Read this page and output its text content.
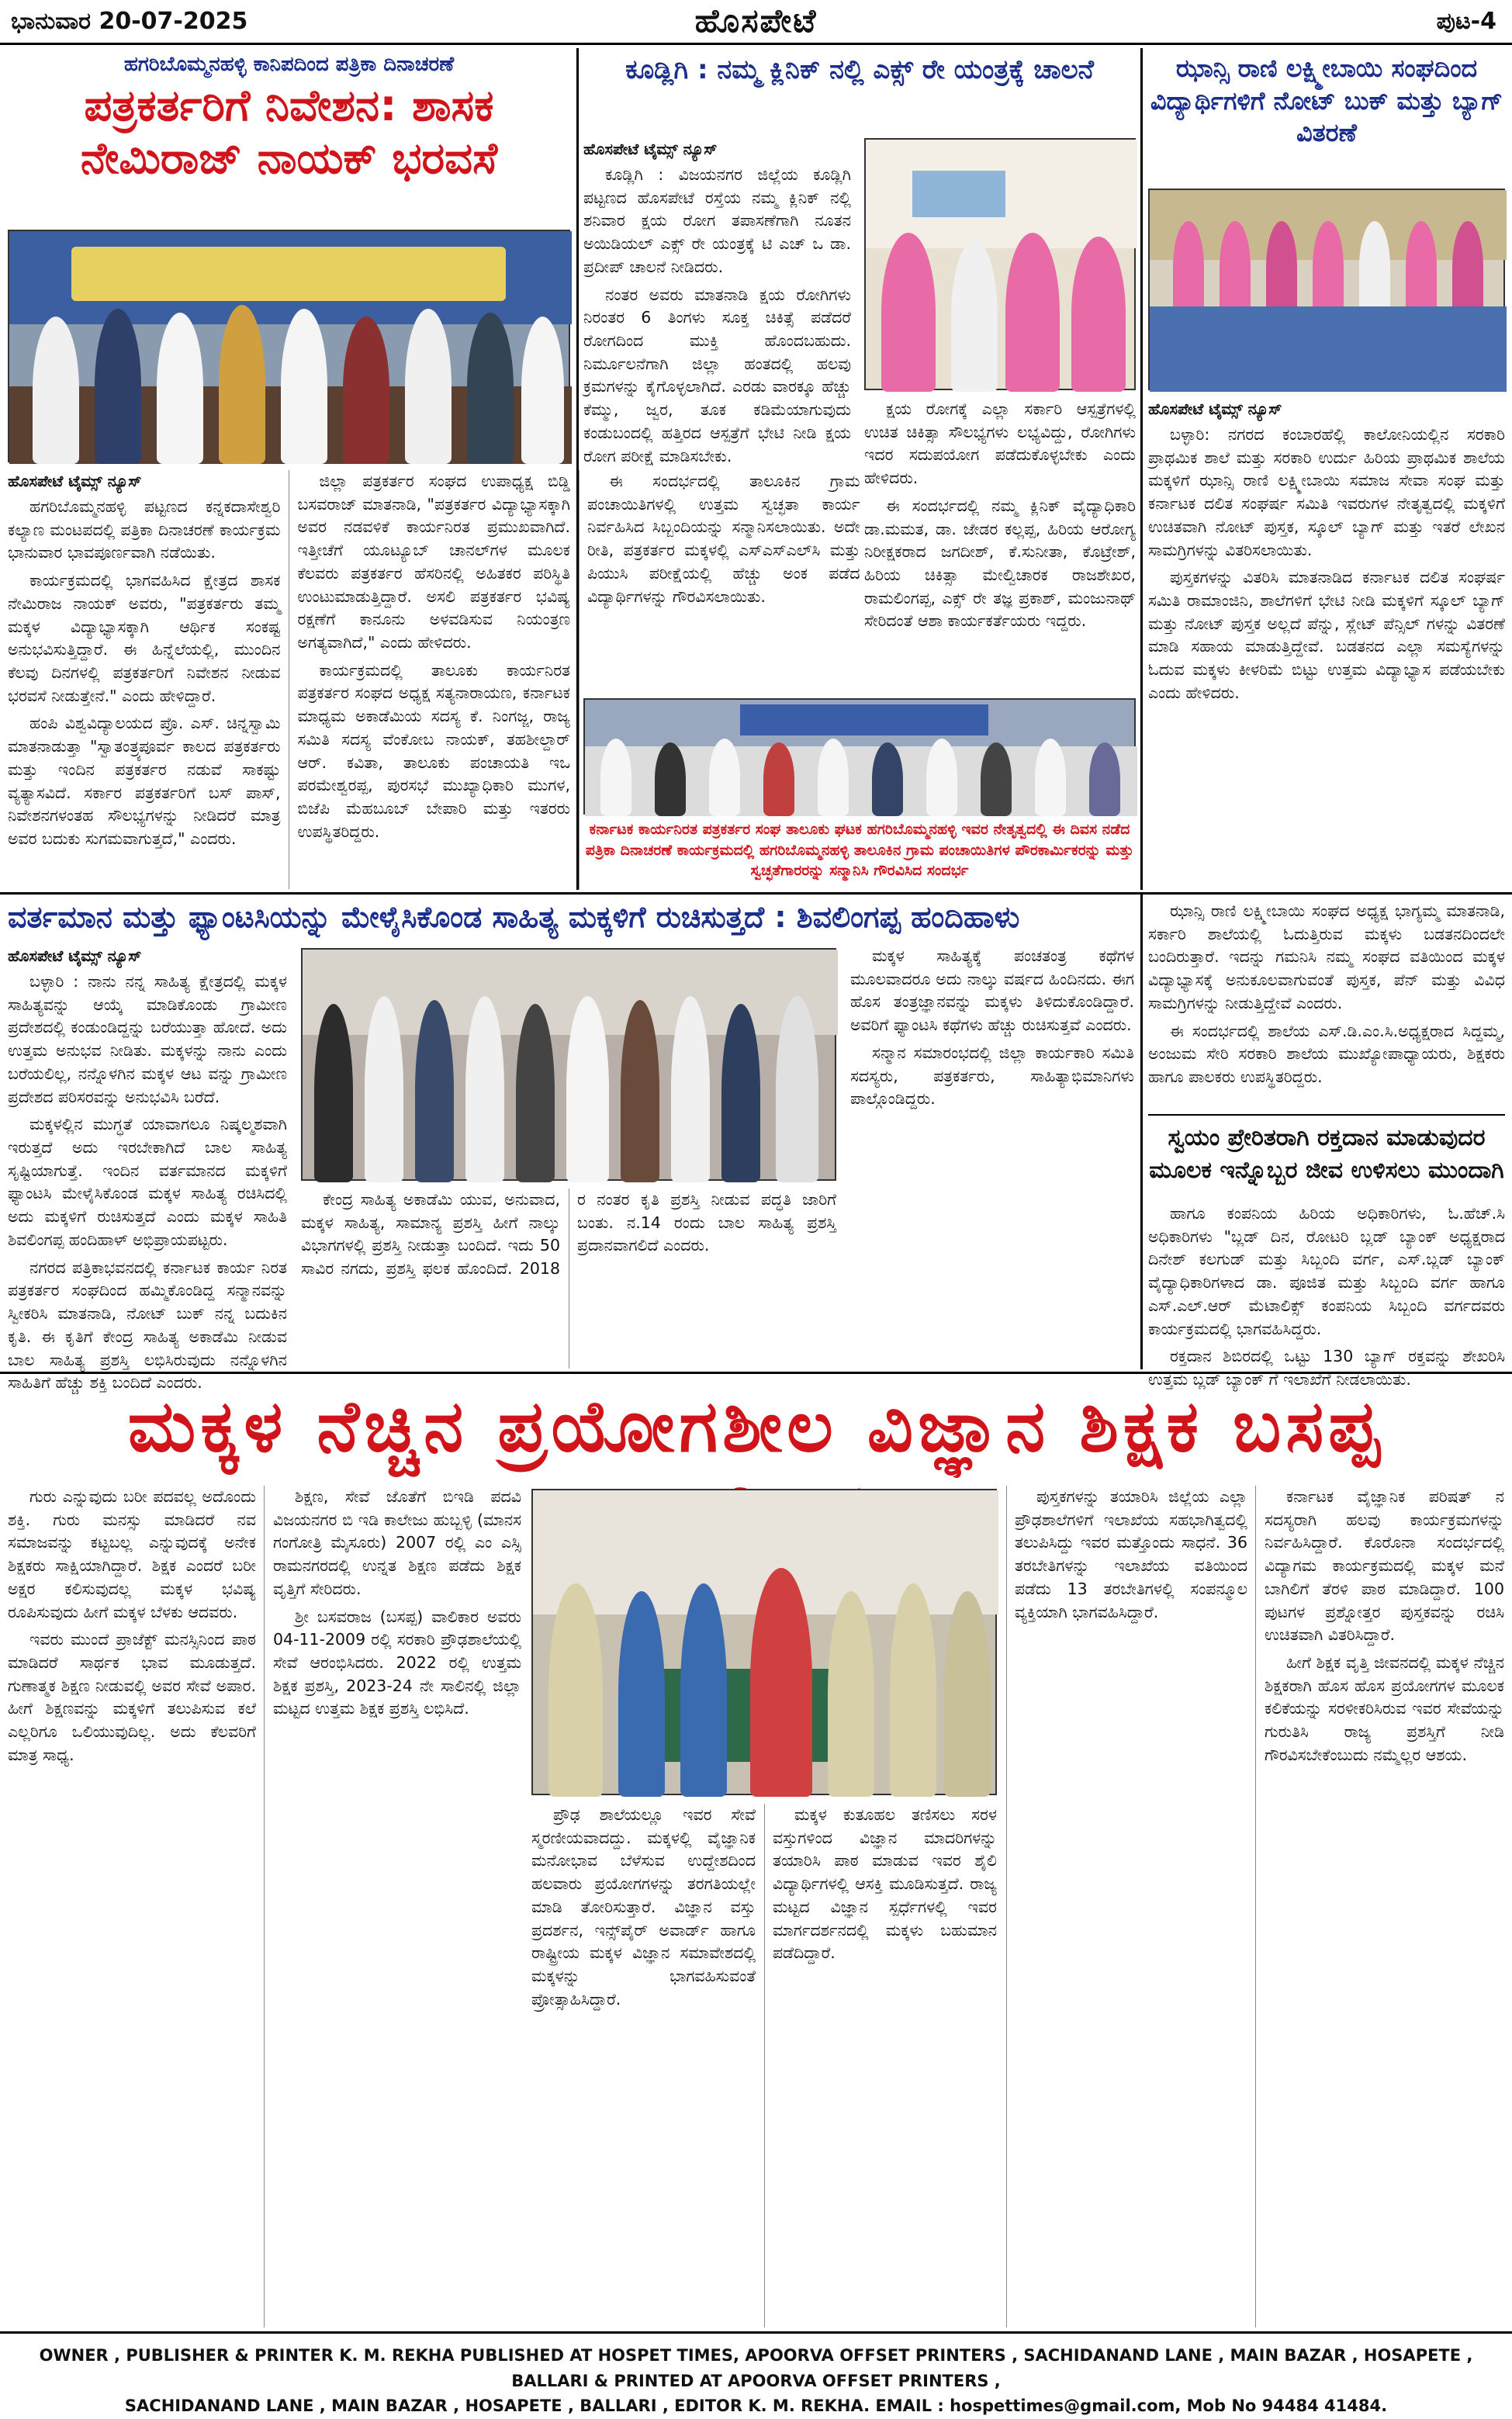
ಭಾನುವಾರ 20-07-2025	ಹೊಸಪೇಟೆ	ಪುಟ-4
ಹಗರಿಬೊಮ್ಮನಹಳ್ಳಿ ಕಾನಿಪದಿಂದ ಪತ್ರಿಕಾ ದಿನಾಚರಣೆ
ಪತ್ರಕರ್ತರಿಗೆ ನಿವೇಶನ: ಶಾಸಕ ನೇಮಿರಾಜ್ ನಾಯಕ್ ಭರವಸೆ
ಹೊಸಪೇಟೆ ಟೈಮ್ಸ್ ನ್ಯೂಸ್

ಹಗರಿಬೊಮ್ಮನಹಳ್ಳಿ ಪಟ್ಟಣದ ಕನ್ನಕದಾಸೇಶ್ವರಿ ಕಲ್ಯಾಣ ಮಂಟಪದಲ್ಲಿ ಪತ್ರಿಕಾ ದಿನಾಚರಣೆ ಕಾರ್ಯಕ್ರಮ ಭಾನುವಾರ ಭಾವಪೂರ್ಣವಾಗಿ ನಡೆಯಿತು.

ಕಾರ್ಯಕ್ರಮದಲ್ಲಿ ಭಾಗವಹಿಸಿದ ಕ್ಷೇತ್ರದ ಶಾಸಕ ನೇಮಿರಾಜ ನಾಯಕ್ ಅವರು, "ಪತ್ರಕರ್ತರು ತಮ್ಮ ಮಕ್ಕಳ ವಿದ್ಯಾಭ್ಯಾಸಕ್ಕಾಗಿ ಆರ್ಥಿಕ ಸಂಕಷ್ಟ ಅನುಭವಿಸುತ್ತಿದ್ದಾರೆ. ಈ ಹಿನ್ನೆಲೆಯಲ್ಲಿ, ಮುಂದಿನ ಕೆಲವು ದಿನಗಳಲ್ಲಿ ಪತ್ರಕರ್ತರಿಗೆ ನಿವೇಶನ ನೀಡುವ ಭರವಸೆ ನೀಡುತ್ತೇನೆ." ಎಂದು ಹೇಳಿದ್ದಾರೆ.

ಹಂಪಿ ವಿಶ್ವವಿದ್ಯಾಲಯದ ಪ್ರೊ. ಎಸ್. ಚಿನ್ನಸ್ವಾಮಿ ಮಾತನಾಡುತ್ತಾ "ಸ್ವಾತಂತ್ರ್ಯಪೂರ್ವ ಕಾಲದ ಪತ್ರಕರ್ತರು ಮತ್ತು ಇಂದಿನ ಪತ್ರಕರ್ತರ ನಡುವೆ ಸಾಕಷ್ಟು ವ್ಯತ್ಯಾಸವಿದೆ. ಸರ್ಕಾರ ಪತ್ರಕರ್ತರಿಗೆ ಬಸ್ ಪಾಸ್, ನಿವೇಶನಗಳಂತಹ ಸೌಲಭ್ಯಗಳನ್ನು ನೀಡಿದರೆ ಮಾತ್ರ ಅವರ ಬದುಕು ಸುಗಮವಾಗುತ್ತದೆ," ಎಂದರು.

ಜಿಲ್ಲಾ ಪತ್ರಕರ್ತರ ಸಂಘದ ಉಪಾಧ್ಯಕ್ಷ ಬಿಡ್ಡಿ ಬಸವರಾಜ್ ಮಾತನಾಡಿ, "ಪತ್ರಕರ್ತರ ವಿದ್ಯಾಭ್ಯಾಸಕ್ಕಾಗಿ ಅವರ ನಡವಳಿಕೆ ಕಾರ್ಯನಿರತ ಪ್ರಮುಖವಾಗಿದೆ. ಇತ್ತೀಚೆಗೆ ಯೂಟ್ಯೂಬ್ ಚಾನಲ್‌ಗಳ ಮೂಲಕ ಕೆಲವರು ಪತ್ರಕರ್ತರ ಹೆಸರಿನಲ್ಲಿ ಅಹಿತಕರ ಪರಿಸ್ಥಿತಿ ಉಂಟುಮಾಡುತ್ತಿದ್ದಾರೆ. ಅಸಲಿ ಪತ್ರಕರ್ತರ ಭವಿಷ್ಯ ರಕ್ಷಣೆಗೆ ಕಾನೂನು ಅಳವಡಿಸುವ ನಿಯಂತ್ರಣ ಅಗತ್ಯವಾಗಿದೆ," ಎಂದು ಹೇಳಿದರು.

ಕಾರ್ಯಕ್ರಮದಲ್ಲಿ ತಾಲೂಕು ಕಾರ್ಯನಿರತ ಪತ್ರಕರ್ತರ ಸಂಘದ ಅಧ್ಯಕ್ಷ ಸತ್ಯನಾರಾಯಣ, ಕರ್ನಾಟಕ ಮಾಧ್ಯಮ ಅಕಾಡೆಮಿಯ ಸದಸ್ಯ ಕೆ. ನಿಂಗಜ್ಜ, ರಾಜ್ಯ ಸಮಿತಿ ಸದಸ್ಯ ವೆಂಕೋಬ ನಾಯಕ್, ತಹಶೀಲ್ದಾರ್ ಆರ್. ಕವಿತಾ, ತಾಲೂಕು ಪಂಚಾಯತಿ ಇಒ ಪರಮೇಶ್ವರಪ್ಪ, ಪುರಸಭೆ ಮುಖ್ಯಾಧಿಕಾರಿ ಮುಗಳ, ಬಿಜೆಪಿ ಮೆಹಬೂಬ್ ಬೇಪಾರಿ ಮತ್ತು ಇತರರು ಉಪಸ್ಥಿತರಿದ್ದರು.

ಈ ಸಂದರ್ಭದಲ್ಲಿ ತಾಲೂಕಿನ ಗ್ರಾಮ ಪಂಚಾಯಿತಿಗಳಲ್ಲಿ ಉತ್ತಮ ಸ್ವಚ್ಛತಾ ಕಾರ್ಯ ನಿರ್ವಹಿಸಿದ ಸಿಬ್ಬಂದಿಯನ್ನು ಸನ್ಮಾನಿಸಲಾಯಿತು. ಅದೇ ರೀತಿ, ಪತ್ರಕರ್ತರ ಮಕ್ಕಳಲ್ಲಿ ಎಸ್ಎಸ್ಎಲ್‌ಸಿ ಮತ್ತು ಪಿಯುಸಿ ಪರೀಕ್ಷೆಯಲ್ಲಿ ಹೆಚ್ಚು ಅಂಕ ಪಡೆದ ವಿದ್ಯಾರ್ಥಿಗಳನ್ನು ಗೌರವಿಸಲಾಯಿತು.

ಕೂಡ್ಲಿಗಿ : ನಮ್ಮ ಕ್ಲಿನಿಕ್ ನಲ್ಲಿ ಎಕ್ಸ್ ರೇ ಯಂತ್ರಕ್ಕೆ ಚಾಲನೆ
ಹೊಸಪೇಟೆ ಟೈಮ್ಸ್ ನ್ಯೂಸ್

ಕೂಡ್ಲಿಗಿ : ವಿಜಯನಗರ ಜಿಲ್ಲೆಯ ಕೂಡ್ಲಿಗಿ ಪಟ್ಟಣದ ಹೊಸಪೇಟೆ ರಸ್ತೆಯ ನಮ್ಮ ಕ್ಲಿನಿಕ್ ನಲ್ಲಿ ಶನಿವಾರ ಕ್ಷಯ ರೋಗ ತಪಾಸಣೆಗಾಗಿ ನೂತನ ಅಯಿಡಿಯಲ್ ಎಕ್ಸ್ ರೇ ಯಂತ್ರಕ್ಕೆ ಟಿ ಎಚ್ ಒ ಡಾ. ಪ್ರದೀಪ್ ಚಾಲನೆ ನೀಡಿದರು.

ನಂತರ ಅವರು ಮಾತನಾಡಿ ಕ್ಷಯ ರೋಗಿಗಳು ನಿರಂತರ 6 ತಿಂಗಳು ಸೂಕ್ತ ಚಿಕಿತ್ಸೆ ಪಡೆದರೆ ರೋಗದಿಂದ ಮುಕ್ತಿ ಹೊಂದಬಹುದು. ನಿರ್ಮೂಲನೆಗಾಗಿ ಜಿಲ್ಲಾ ಹಂತದಲ್ಲಿ ಹಲವು ಕ್ರಮಗಳನ್ನು ಕೈಗೊಳ್ಳಲಾಗಿದೆ. ಎರಡು ವಾರಕ್ಕೂ ಹೆಚ್ಚು ಕೆಮ್ಮು, ಜ್ವರ, ತೂಕ ಕಡಿಮೆಯಾಗುವುದು ಕಂಡುಬಂದಲ್ಲಿ ಹತ್ತಿರದ ಆಸ್ಪತ್ರೆಗೆ ಭೇಟಿ ನೀಡಿ ಕ್ಷಯ ರೋಗ ಪರೀಕ್ಷೆ ಮಾಡಿಸಬೇಕು.

ಕ್ಷಯ ರೋಗಕ್ಕೆ ಎಲ್ಲಾ ಸರ್ಕಾರಿ ಆಸ್ಪತ್ರೆಗಳಲ್ಲಿ ಉಚಿತ ಚಿಕಿತ್ಸಾ ಸೌಲಭ್ಯಗಳು ಲಭ್ಯವಿದ್ದು, ರೋಗಿಗಳು ಇದರ ಸದುಪಯೋಗ ಪಡೆದುಕೊಳ್ಳಬೇಕು ಎಂದು ಹೇಳಿದರು.

ಈ ಸಂದರ್ಭದಲ್ಲಿ ನಮ್ಮ ಕ್ಲಿನಿಕ್ ವೈದ್ಯಾಧಿಕಾರಿ ಡಾ.ಮಮತ, ಡಾ. ಜೇಡರ ಕಲ್ಲಪ್ಪ, ಹಿರಿಯ ಆರೋಗ್ಯ ನಿರೀಕ್ಷಕರಾದ ಜಗದೀಶ್, ಕೆ.ಸುನೀತಾ, ಕೊಟ್ರೇಶ್, ಹಿರಿಯ ಚಿಕಿತ್ಸಾ ಮೇಲ್ವಿಚಾರಕ ರಾಜಶೇಖರ, ರಾಮಲಿಂಗಪ್ಪ, ಎಕ್ಸ್ ರೇ ತಜ್ಞ ಪ್ರಕಾಶ್, ಮಂಜುನಾಥ್ ಸೇರಿದಂತೆ ಆಶಾ ಕಾರ್ಯಕರ್ತೆಯರು ಇದ್ದರು.

ಕರ್ನಾಟಕ ಕಾರ್ಯನಿರತ ಪತ್ರಕರ್ತರ ಸಂಘ ತಾಲೂಕು ಘಟಕ ಹಗರಿಬೊಮ್ಮನಹಳ್ಳಿ ಇವರ ನೇತೃತ್ವದಲ್ಲಿ ಈ ದಿವಸ ನಡೆದ ಪತ್ರಿಕಾ ದಿನಾಚರಣೆ ಕಾರ್ಯಕ್ರಮದಲ್ಲಿ ಹಗರಿಬೊಮ್ಮನಹಳ್ಳಿ ತಾಲೂಕಿನ ಗ್ರಾಮ ಪಂಚಾಯಿತಿಗಳ ಪೌರಕಾರ್ಮಿಕರನ್ನು ಮತ್ತು ಸ್ವಚ್ಛತೆಗಾರರನ್ನು ಸನ್ಮಾನಿಸಿ ಗೌರವಿಸಿದ ಸಂದರ್ಭ
ಝಾನ್ಸಿ ರಾಣಿ ಲಕ್ಷ್ಮೀಬಾಯಿ ಸಂಘದಿಂದ ವಿದ್ಯಾರ್ಥಿಗಳಿಗೆ ನೋಟ್ ಬುಕ್ ಮತ್ತು ಬ್ಯಾಗ್ ವಿತರಣೆ
ಹೊಸಪೇಟೆ ಟೈಮ್ಸ್ ನ್ಯೂಸ್

ಬಳ್ಳಾರಿ: ನಗರದ ಕಂಬಾರಹೆಲ್ಲಿ ಕಾಲೋನಿಯಲ್ಲಿನ ಸರಕಾರಿ ಪ್ರಾಥಮಿಕ ಶಾಲೆ ಮತ್ತು ಸರಕಾರಿ ಉರ್ದು ಹಿರಿಯ ಪ್ರಾಥಮಿಕ ಶಾಲೆಯ ಮಕ್ಕಳಿಗೆ ಝಾನ್ಸಿ ರಾಣಿ ಲಕ್ಷ್ಮೀಬಾಯಿ ಸಮಾಜ ಸೇವಾ ಸಂಘ ಮತ್ತು ಕರ್ನಾಟಕ ದಲಿತ ಸಂಘರ್ಷ ಸಮಿತಿ ಇವರುಗಳ ನೇತೃತ್ವದಲ್ಲಿ ಮಕ್ಕಳಿಗೆ ಉಚಿತವಾಗಿ ನೋಟ್ ಪುಸ್ತಕ, ಸ್ಕೂಲ್ ಬ್ಯಾಗ್ ಮತ್ತು ಇತರೆ ಲೇಖನ ಸಾಮಗ್ರಿಗಳನ್ನು ವಿತರಿಸಲಾಯಿತು.

ಪುಸ್ತಕಗಳನ್ನು ವಿತರಿಸಿ ಮಾತನಾಡಿದ ಕರ್ನಾಟಕ ದಲಿತ ಸಂಘರ್ಷ ಸಮಿತಿ ರಾಮಾಂಜಿನಿ, ಶಾಲೆಗಳಿಗೆ ಭೇಟಿ ನೀಡಿ ಮಕ್ಕಳಿಗೆ ಸ್ಕೂಲ್ ಬ್ಯಾಗ್ ಮತ್ತು ನೋಟ್ ಪುಸ್ತಕ ಅಲ್ಲದೆ ಪೆನ್ನು, ಸ್ಲೇಟ್ ಪೆನ್ಸಿಲ್ ಗಳನ್ನು ವಿತರಣೆ ಮಾಡಿ ಸಹಾಯ ಮಾಡುತ್ತಿದ್ದೇವೆ. ಬಡತನದ ಎಲ್ಲಾ ಸಮಸ್ಯೆಗಳನ್ನು ಓದುವ ಮಕ್ಕಳು ಕೀಳರಿಮೆ ಬಿಟ್ಟು ಉತ್ತಮ ವಿದ್ಯಾಭ್ಯಾಸ ಪಡೆಯಬೇಕು ಎಂದು ಹೇಳಿದರು.

ಝಾನ್ಸಿ ರಾಣಿ ಲಕ್ಷ್ಮೀಬಾಯಿ ಸಂಘದ ಅಧ್ಯಕ್ಷ ಭಾಗ್ಯಮ್ಮ ಮಾತನಾಡಿ, ಸರ್ಕಾರಿ ಶಾಲೆಯಲ್ಲಿ ಓದುತ್ತಿರುವ ಮಕ್ಕಳು ಬಡತನದಿಂದಲೇ ಬಂದಿರುತ್ತಾರೆ. ಇದನ್ನು ಗಮನಿಸಿ ನಮ್ಮ ಸಂಘದ ವತಿಯಿಂದ ಮಕ್ಕಳ ವಿದ್ಯಾಭ್ಯಾಸಕ್ಕೆ ಅನುಕೂಲವಾಗುವಂತೆ ಪುಸ್ತಕ, ಪೆನ್ ಮತ್ತು ವಿವಿಧ ಸಾಮಗ್ರಿಗಳನ್ನು ನೀಡುತ್ತಿದ್ದೇವೆ ಎಂದರು.

ಈ ಸಂದರ್ಭದಲ್ಲಿ ಶಾಲೆಯ ಎಸ್.ಡಿ.ಎಂ.ಸಿ.ಅಧ್ಯಕ್ಷರಾದ ಸಿದ್ದಮ್ಮ, ಅಂಜುಮ ಸೇರಿ ಸರಕಾರಿ ಶಾಲೆಯ ಮುಖ್ಯೋಪಾಧ್ಯಾಯರು, ಶಿಕ್ಷಕರು ಹಾಗೂ ಪಾಲಕರು ಉಪಸ್ಥಿತರಿದ್ದರು.

ಸ್ವಯಂ ಪ್ರೇರಿತರಾಗಿ ರಕ್ತದಾನ ಮಾಡುವುದರ ಮೂಲಕ ಇನ್ನೊಬ್ಬರ ಜೀವ ಉಳಿಸಲು ಮುಂದಾಗಿ

ಹಾಗೂ ಕಂಪನಿಯ ಹಿರಿಯ ಅಧಿಕಾರಿಗಳು, ಓ.ಹೆಚ್.ಸಿ ಅಧಿಕಾರಿಗಳು "ಬ್ಲಡ್ ದಿನ, ರೋಟರಿ ಬ್ಲಡ್ ಬ್ಯಾಂಕ್ ಅಧ್ಯಕ್ಷರಾದ ದಿನೇಶ್ ಕಲಗುಡ್ ಮತ್ತು ಸಿಬ್ಬಂದಿ ವರ್ಗ, ಎಸ್.ಬ್ಲಡ್ ಬ್ಯಾಂಕ್ ವೈದ್ಯಾಧಿಕಾರಿಗಳಾದ ಡಾ. ಪೂಜಿತ ಮತ್ತು ಸಿಬ್ಬಂದಿ ವರ್ಗ ಹಾಗೂ ಎಸ್.ಎಲ್.ಆರ್ ಮೆಟಾಲಿಕ್ಸ್ ಕಂಪನಿಯ ಸಿಬ್ಬಂದಿ ವರ್ಗದವರು ಕಾರ್ಯಕ್ರಮದಲ್ಲಿ ಭಾಗವಹಿಸಿದ್ದರು.

ರಕ್ತದಾನ ಶಿಬಿರದಲ್ಲಿ ಒಟ್ಟು 130 ಬ್ಯಾಗ್ ರಕ್ತವನ್ನು ಶೇಖರಿಸಿ ಉತ್ತಮ ಬ್ಲಡ್ ಬ್ಯಾಂಕ್ ಗೆ ಇಲಾಖೆಗೆ ನೀಡಲಾಯಿತು.

ವರ್ತಮಾನ ಮತ್ತು ಫ್ಯಾಂಟಸಿಯನ್ನು ಮೇಳೈಸಿಕೊಂಡ ಸಾಹಿತ್ಯ ಮಕ್ಕಳಿಗೆ ರುಚಿಸುತ್ತದೆ : ಶಿವಲಿಂಗಪ್ಪ ಹಂದಿಹಾಳು
ಹೊಸಪೇಟೆ ಟೈಮ್ಸ್ ನ್ಯೂಸ್

ಬಳ್ಳಾರಿ : ನಾನು ನನ್ನ ಸಾಹಿತ್ಯ ಕ್ಷೇತ್ರದಲ್ಲಿ ಮಕ್ಕಳ ಸಾಹಿತ್ಯವನ್ನು ಆಯ್ಕೆ ಮಾಡಿಕೊಂಡು ಗ್ರಾಮೀಣ ಪ್ರದೇಶದಲ್ಲಿ ಕಂಡುಂಡಿದ್ದನ್ನು ಬರೆಯುತ್ತಾ ಹೋದೆ. ಅದು ಉತ್ತಮ ಅನುಭವ ನೀಡಿತು. ಮಕ್ಕಳನ್ನು ನಾನು ಎಂದು ಬರೆಯಲಿಲ್ಲ, ನನ್ನೊಳಗಿನ ಮಕ್ಕಳ ಆಟ ವನ್ನು ಗ್ರಾಮೀಣ ಪ್ರದೇಶದ ಪರಿಸರವನ್ನು ಅನುಭವಿಸಿ ಬರೆದೆ.

ಮಕ್ಕಳಲ್ಲಿನ ಮುಗ್ಧತೆ ಯಾವಾಗಲೂ ನಿಷ್ಕಲ್ಮಶವಾಗಿ ಇರುತ್ತದೆ ಅದು ಇರಬೇಕಾಗಿದೆ ಬಾಲ ಸಾಹಿತ್ಯ ಸೃಷ್ಟಿಯಾಗುತ್ತೆ. ಇಂದಿನ ವರ್ತಮಾನದ ಮಕ್ಕಳಿಗೆ ಫ್ಯಾಂಟಸಿ ಮೇಳೈಸಿಕೊಂಡ ಮಕ್ಕಳ ಸಾಹಿತ್ಯ ರಚಿಸಿದಲ್ಲಿ ಅದು ಮಕ್ಕಳಿಗೆ ರುಚಿಸುತ್ತದೆ ಎಂದು ಮಕ್ಕಳ ಸಾಹಿತಿ ಶಿವಲಿಂಗಪ್ಪ ಹಂದಿಹಾಳ್ ಅಭಿಪ್ರಾಯಪಟ್ಟರು.

ನಗರದ ಪತ್ರಿಕಾಭವನದಲ್ಲಿ ಕರ್ನಾಟಕ ಕಾರ್ಯ ನಿರತ ಪತ್ರಕರ್ತರ ಸಂಘದಿಂದ ಹಮ್ಮಿಕೊಂಡಿದ್ದ ಸನ್ಮಾನವನ್ನು ಸ್ವೀಕರಿಸಿ ಮಾತನಾಡಿ, ನೋಟ್ ಬುಕ್ ನನ್ನ ಬದುಕಿನ ಕೃತಿ. ಈ ಕೃತಿಗೆ ಕೇಂದ್ರ ಸಾಹಿತ್ಯ ಅಕಾಡೆಮಿ ನೀಡುವ ಬಾಲ ಸಾಹಿತ್ಯ ಪ್ರಶಸ್ತಿ ಲಭಿಸಿರುವುದು ನನ್ನೊಳಗಿನ ಸಾಹಿತಿಗೆ ಹೆಚ್ಚು ಶಕ್ತಿ ಬಂದಿದೆ ಎಂದರು.

ಕೇಂದ್ರ ಸಾಹಿತ್ಯ ಅಕಾಡೆಮಿ ಯುವ, ಅನುವಾದ, ಮಕ್ಕಳ ಸಾಹಿತ್ಯ, ಸಾಮಾನ್ಯ ಪ್ರಶಸ್ತಿ ಹೀಗೆ ನಾಲ್ಕು ವಿಭಾಗಗಳಲ್ಲಿ ಪ್ರಶಸ್ತಿ ನೀಡುತ್ತಾ ಬಂದಿದೆ. ಇದು 50 ಸಾವಿರ ನಗದು, ಪ್ರಶಸ್ತಿ ಫಲಕ ಹೊಂದಿದೆ. 2018 ರ ನಂತರ ಕೃತಿ ಪ್ರಶಸ್ತಿ ನೀಡುವ ಪದ್ಧತಿ ಜಾರಿಗೆ ಬಂತು. ನ.14 ರಂದು ಬಾಲ ಸಾಹಿತ್ಯ ಪ್ರಶಸ್ತಿ ಪ್ರದಾನವಾಗಲಿದೆ ಎಂದರು.

ಮಕ್ಕಳ ಸಾಹಿತ್ಯಕ್ಕೆ ಪಂಚತಂತ್ರ ಕಥೆಗಳ ಮೂಲವಾದರೂ ಅದು ನಾಲ್ಕು ವರ್ಷದ ಹಿಂದಿನದು. ಈಗ ಹೊಸ ತಂತ್ರಜ್ಞಾನವನ್ನು ಮಕ್ಕಳು ತಿಳಿದುಕೊಂಡಿದ್ದಾರೆ. ಅವರಿಗೆ ಫ್ಯಾಂಟಸಿ ಕಥೆಗಳು ಹೆಚ್ಚು ರುಚಿಸುತ್ತವೆ ಎಂದರು.

ಸನ್ಮಾನ ಸಮಾರಂಭದಲ್ಲಿ ಜಿಲ್ಲಾ ಕಾರ್ಯಕಾರಿ ಸಮಿತಿ ಸದಸ್ಯರು, ಪತ್ರಕರ್ತರು, ಸಾಹಿತ್ಯಾಭಿಮಾನಿಗಳು ಪಾಲ್ಗೊಂಡಿದ್ದರು.

ಮಕ್ಕಳ ನೆಚ್ಚಿನ ಪ್ರಯೋಗಶೀಲ ವಿಜ್ಞಾನ ಶಿಕ್ಷಕ ಬಸಪ್ಪ

ಗುರು ಎನ್ನುವುದು ಬರೀ ಪದವಲ್ಲ ಅದೊಂದು ಶಕ್ತಿ. ಗುರು ಮನಸ್ಸು ಮಾಡಿದರೆ ನವ ಸಮಾಜವನ್ನು ಕಟ್ಟಬಲ್ಲ ಎನ್ನುವುದಕ್ಕೆ ಅನೇಕ ಶಿಕ್ಷಕರು ಸಾಕ್ಷಿಯಾಗಿದ್ದಾರೆ. ಶಿಕ್ಷಕ ಎಂದರೆ ಬರೀ ಅಕ್ಷರ ಕಲಿಸುವುದಲ್ಲ ಮಕ್ಕಳ ಭವಿಷ್ಯ ರೂಪಿಸುವುದು ಹೀಗೆ ಮಕ್ಕಳ ಬೆಳಕು ಆದವರು.

ಇವರು ಮುಂದೆ ಪ್ರಾಜೆಕ್ಟ್ ಮನಸ್ಸಿನಿಂದ ಪಾಠ ಮಾಡಿದರೆ ಸಾರ್ಥಕ ಭಾವ ಮೂಡುತ್ತದೆ. ಗುಣಾತ್ಮಕ ಶಿಕ್ಷಣ ನೀಡುವಲ್ಲಿ ಅವರ ಸೇವೆ ಅಪಾರ. ಹೀಗೆ ಶಿಕ್ಷಣವನ್ನು ಮಕ್ಕಳಿಗೆ ತಲುಪಿಸುವ ಕಲೆ ಎಲ್ಲರಿಗೂ ಒಲಿಯುವುದಿಲ್ಲ. ಅದು ಕೆಲವರಿಗೆ ಮಾತ್ರ ಸಾಧ್ಯ.

ಶಿಕ್ಷಣ, ಸೇವೆ ಜೊತೆಗೆ ಬಿಇಡಿ ಪದವಿ ವಿಜಯನಗರ ಬಿ ಇಡಿ ಕಾಲೇಜು ಹುಬ್ಬಳ್ಳಿ (ಮಾನಸ ಗಂಗೋತ್ರಿ ಮೈಸೂರು) 2007 ರಲ್ಲಿ ಎಂ ಎಸ್ಸಿ ರಾಮನಗರದಲ್ಲಿ ಉನ್ನತ ಶಿಕ್ಷಣ ಪಡೆದು ಶಿಕ್ಷಕ ವೃತ್ತಿಗೆ ಸೇರಿದರು.

ಶ್ರೀ ಬಸವರಾಜ (ಬಸಪ್ಪ) ವಾಲಿಕಾರ ಅವರು 04-11-2009 ರಲ್ಲಿ ಸರಕಾರಿ ಪ್ರೌಢಶಾಲೆಯಲ್ಲಿ ಸೇವೆ ಆರಂಭಿಸಿದರು. 2022 ರಲ್ಲಿ ಉತ್ತಮ ಶಿಕ್ಷಕ ಪ್ರಶಸ್ತಿ, 2023-24 ನೇ ಸಾಲಿನಲ್ಲಿ ಜಿಲ್ಲಾ ಮಟ್ಟದ ಉತ್ತಮ ಶಿಕ್ಷಕ ಪ್ರಶಸ್ತಿ ಲಭಿಸಿದೆ.

ಪ್ರೌಢ ಶಾಲೆಯಲ್ಲೂ ಇವರ ಸೇವೆ ಸ್ಮರಣೀಯವಾದದ್ದು. ಮಕ್ಕಳಲ್ಲಿ ವೈಜ್ಞಾನಿಕ ಮನೋಭಾವ ಬೆಳೆಸುವ ಉದ್ದೇಶದಿಂದ ಹಲವಾರು ಪ್ರಯೋಗಗಳನ್ನು ತರಗತಿಯಲ್ಲೇ ಮಾಡಿ ತೋರಿಸುತ್ತಾರೆ. ವಿಜ್ಞಾನ ವಸ್ತು ಪ್ರದರ್ಶನ, ಇನ್ಸ್‌ಪೈರ್ ಅವಾರ್ಡ್ ಹಾಗೂ ರಾಷ್ಟ್ರೀಯ ಮಕ್ಕಳ ವಿಜ್ಞಾನ ಸಮಾವೇಶದಲ್ಲಿ ಮಕ್ಕಳನ್ನು ಭಾಗವಹಿಸುವಂತೆ ಪ್ರೋತ್ಸಾಹಿಸಿದ್ದಾರೆ.

ಮಕ್ಕಳ ಕುತೂಹಲ ತಣಿಸಲು ಸರಳ ವಸ್ತುಗಳಿಂದ ವಿಜ್ಞಾನ ಮಾದರಿಗಳನ್ನು ತಯಾರಿಸಿ ಪಾಠ ಮಾಡುವ ಇವರ ಶೈಲಿ ವಿದ್ಯಾರ್ಥಿಗಳಲ್ಲಿ ಆಸಕ್ತಿ ಮೂಡಿಸುತ್ತದೆ. ರಾಜ್ಯ ಮಟ್ಟದ ವಿಜ್ಞಾನ ಸ್ಪರ್ಧೆಗಳಲ್ಲಿ ಇವರ ಮಾರ್ಗದರ್ಶನದಲ್ಲಿ ಮಕ್ಕಳು ಬಹುಮಾನ ಪಡೆದಿದ್ದಾರೆ.

ಪುಸ್ತಕಗಳನ್ನು ತಯಾರಿಸಿ ಜಿಲ್ಲೆಯ ಎಲ್ಲಾ ಪ್ರೌಢಶಾಲೆಗಳಿಗೆ ಇಲಾಖೆಯ ಸಹಭಾಗಿತ್ವದಲ್ಲಿ ತಲುಪಿಸಿದ್ದು ಇವರ ಮತ್ತೊಂದು ಸಾಧನೆ. 36 ತರಬೇತಿಗಳನ್ನು ಇಲಾಖೆಯ ವತಿಯಿಂದ ಪಡೆದು 13 ತರಬೇತಿಗಳಲ್ಲಿ ಸಂಪನ್ಮೂಲ ವ್ಯಕ್ತಿಯಾಗಿ ಭಾಗವಹಿಸಿದ್ದಾರೆ.

ಕರ್ನಾಟಕ ವೈಜ್ಞಾನಿಕ ಪರಿಷತ್ ನ ಸದಸ್ಯರಾಗಿ ಹಲವು ಕಾರ್ಯಕ್ರಮಗಳನ್ನು ನಿರ್ವಹಿಸಿದ್ದಾರೆ. ಕೊರೊನಾ ಸಂದರ್ಭದಲ್ಲಿ ವಿದ್ಯಾಗಮ ಕಾರ್ಯಕ್ರಮದಲ್ಲಿ ಮಕ್ಕಳ ಮನೆ ಬಾಗಿಲಿಗೆ ತೆರಳಿ ಪಾಠ ಮಾಡಿದ್ದಾರೆ. 100 ಪುಟಗಳ ಪ್ರಶ್ನೋತ್ತರ ಪುಸ್ತಕವನ್ನು ರಚಿಸಿ ಉಚಿತವಾಗಿ ವಿತರಿಸಿದ್ದಾರೆ.

ಹೀಗೆ ಶಿಕ್ಷಕ ವೃತ್ತಿ ಜೀವನದಲ್ಲಿ ಮಕ್ಕಳ ನೆಚ್ಚಿನ ಶಿಕ್ಷಕರಾಗಿ ಹೊಸ ಹೊಸ ಪ್ರಯೋಗಗಳ ಮೂಲಕ ಕಲಿಕೆಯನ್ನು ಸರಳೀಕರಿಸಿರುವ ಇವರ ಸೇವೆಯನ್ನು ಗುರುತಿಸಿ ರಾಜ್ಯ ಪ್ರಶಸ್ತಿಗೆ ನೀಡಿ ಗೌರವಿಸಬೇಕೆಂಬುದು ನಮ್ಮೆಲ್ಲರ ಆಶಯ.

OWNER , PUBLISHER & PRINTER K. M. REKHA PUBLISHED AT HOSPET TIMES, APOORVA OFFSET PRINTERS , SACHIDANAND LANE , MAIN BAZAR , HOSAPETE , BALLARI & PRINTED AT APOORVA OFFSET PRINTERS ,
SACHIDANAND LANE , MAIN BAZAR , HOSAPETE , BALLARI , EDITOR K. M. REKHA. EMAIL : hospettimes@gmail.com, Mob No 94484 41484.
